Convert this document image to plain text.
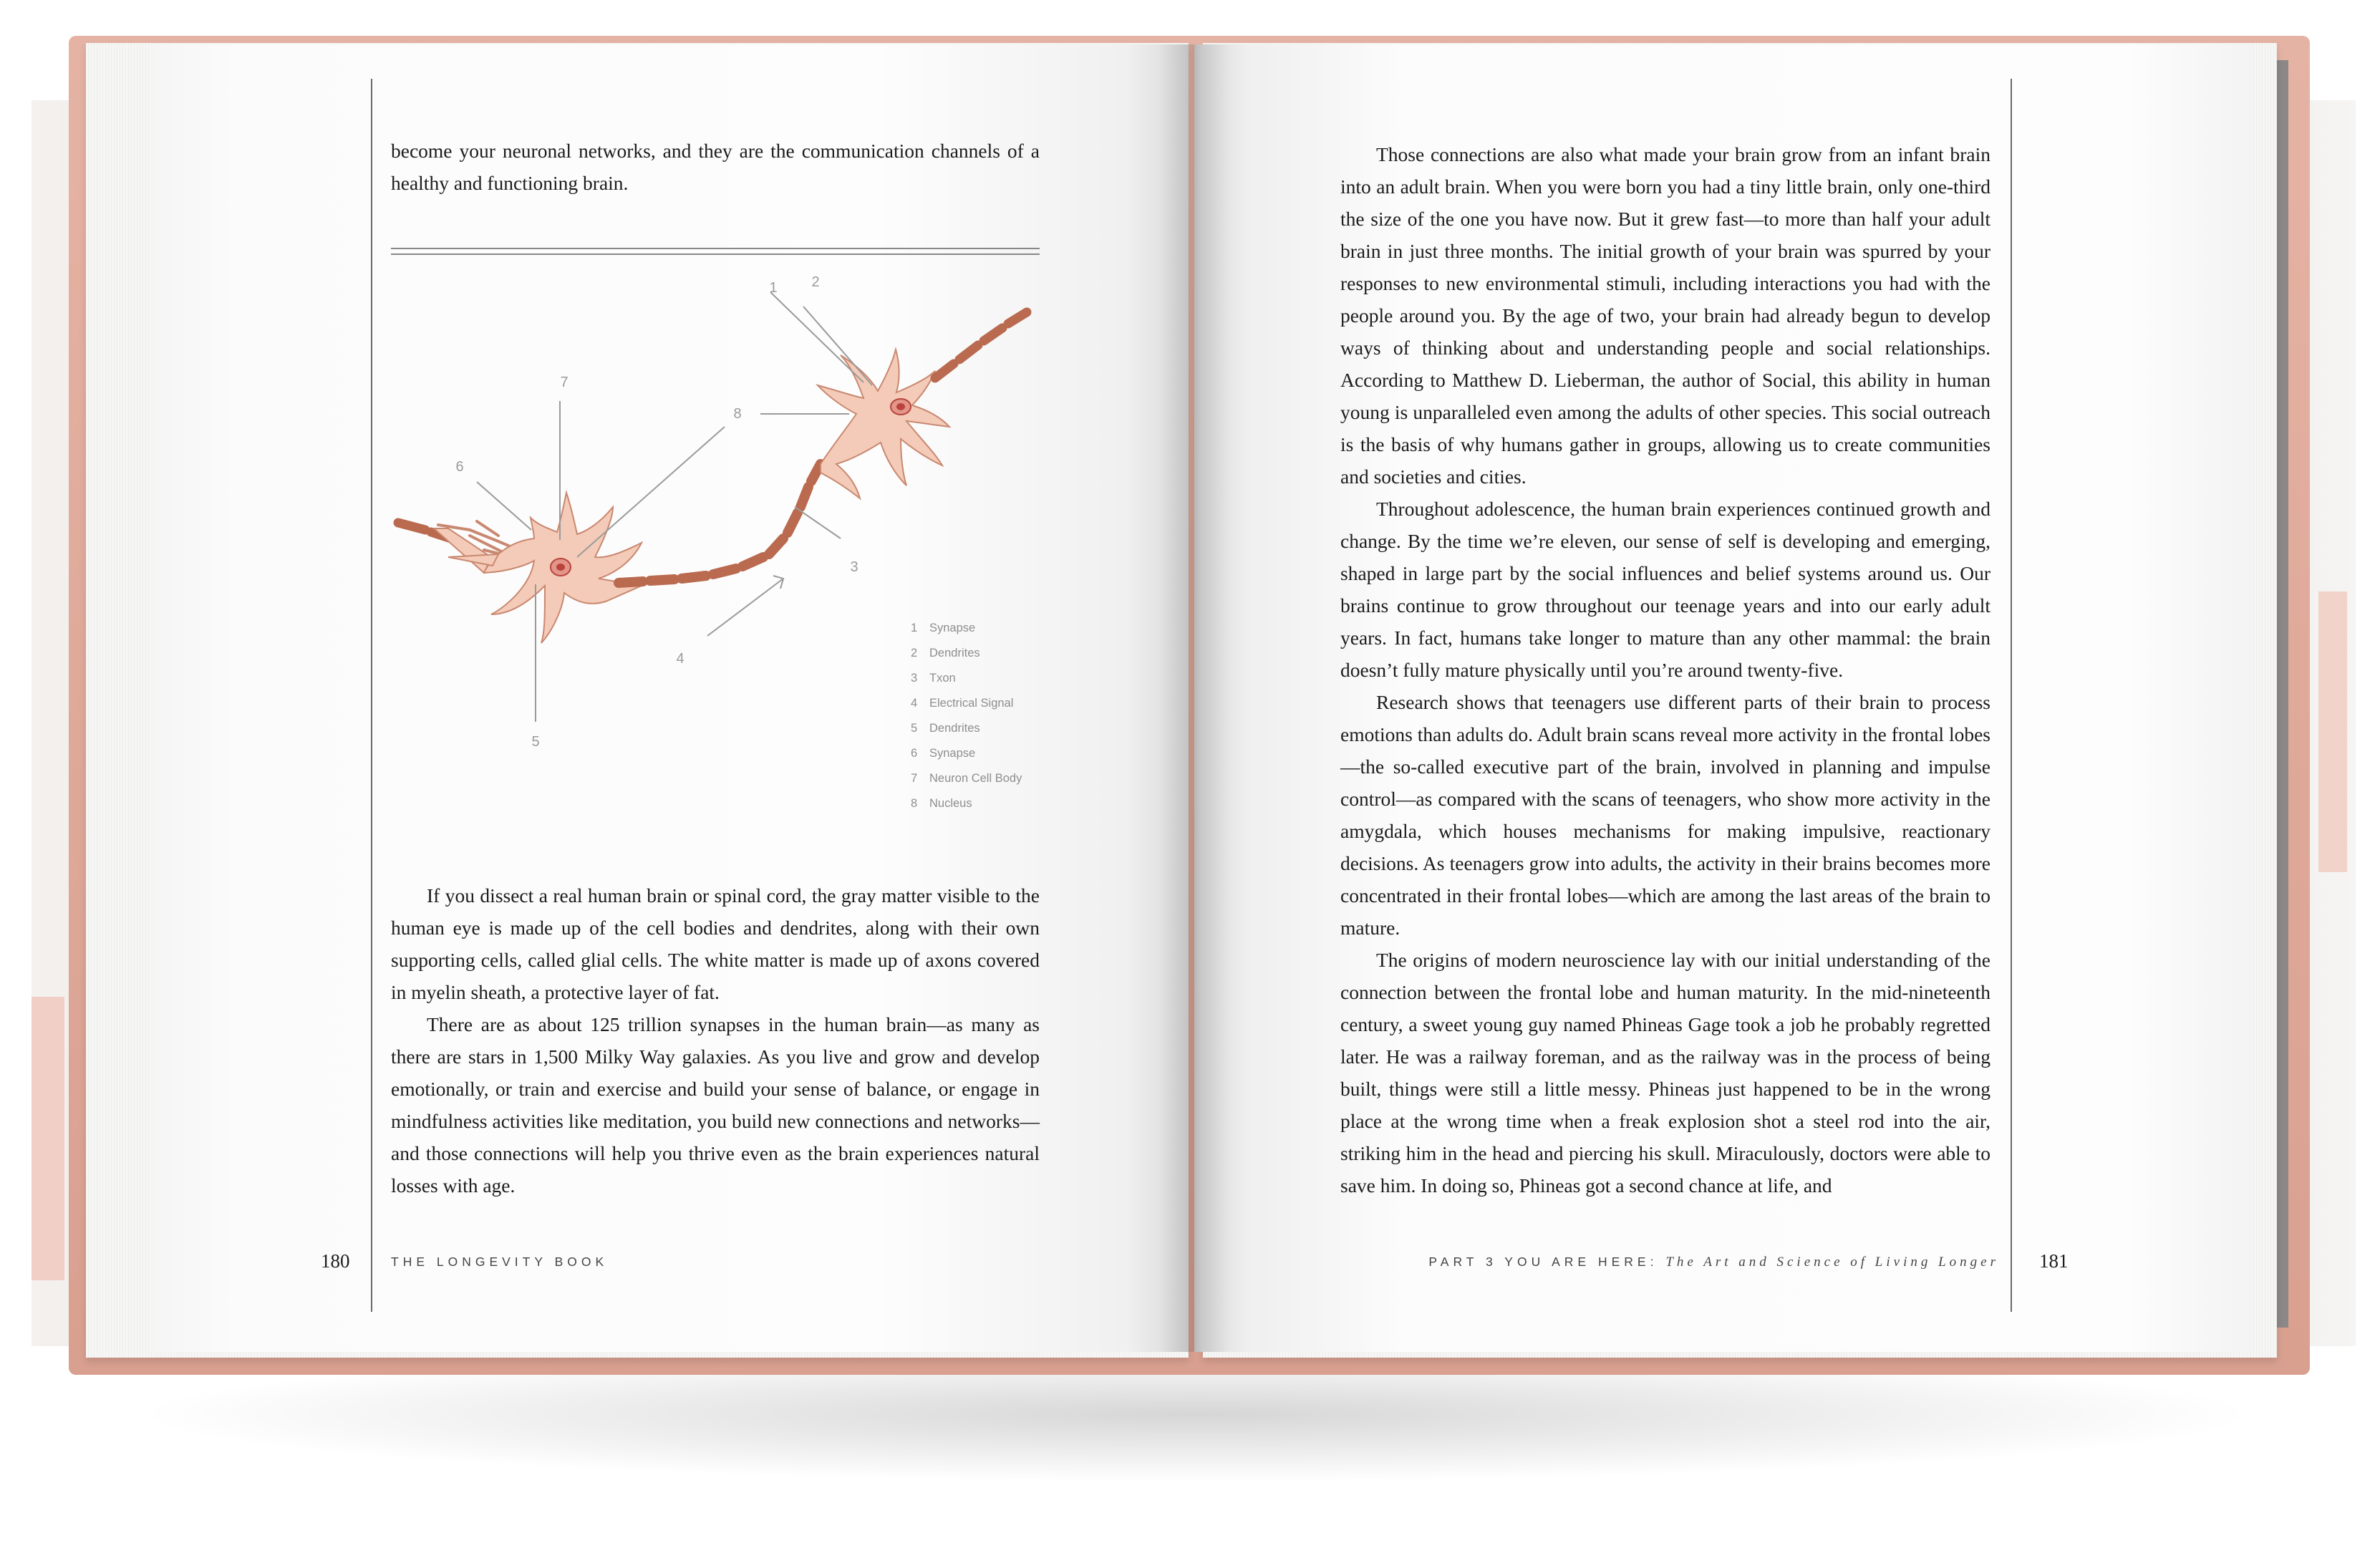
become your neuronal networks, and they are the communication channels of a healthy and functioning brain.

1 2
3
4
5
6
7
8
1	Synapse
2	Dendrites
3	Txon
4	Electrical Signal
5	Dendrites
6	Synapse
7	Neuron Cell Body
8	Nucleus

If you dissect a real human brain or spinal cord, the gray matter visible to the human eye is made up of the cell bodies and dendrites, along with their own supporting cells, called glial cells. The white matter is made up of axons covered in myelin sheath, a protective layer of fat.

There are as about 125 trillion synapses in the human brain—as many as there are stars in 1,500 Milky Way galaxies. As you live and grow and develop emotionally, or train and exercise and build your sense of balance, or engage in mindfulness activities like meditation, you build new connections and networks—and those connections will help you thrive even as the brain experiences natural losses with age.

180	THE LONGEVITY BOOK

Those connections are also what made your brain grow from an infant brain into an adult brain. When you were born you had a tiny little brain, only one-third the size of the one you have now. But it grew fast—to more than half your adult brain in just three months. The initial growth of your brain was spurred by your responses to new environmental stimuli, including interactions you had with the people around you. By the age of two, your brain had already begun to develop ways of thinking about and understanding people and social relationships. According to Matthew D. Lieberman, the author of Social, this ability in human young is unparalleled even among the adults of other species. This social outreach is the basis of why humans gather in groups, allowing us to create communities and societies and cities.

Throughout adolescence, the human brain experiences continued growth and change. By the time we’re eleven, our sense of self is developing and emerging, shaped in large part by the social influences and belief systems around us. Our brains continue to grow throughout our teenage years and into our early adult years. In fact, humans take longer to mature than any other mammal: the brain doesn’t fully mature physically until you’re around twenty-five.

Research shows that teenagers use different parts of their brain to process emotions than adults do. Adult brain scans reveal more activity in the frontal lobes—the so-called executive part of the brain, involved in planning and impulse control—as compared with the scans of teenagers, who show more activity in the amygdala, which houses mechanisms for making impulsive, reactionary decisions. As teenagers grow into adults, the activity in their brains becomes more concentrated in their frontal lobes—which are among the last areas of the brain to mature.

The origins of modern neuroscience lay with our initial understanding of the connection between the frontal lobe and human maturity. In the mid-nineteenth century, a sweet young guy named Phineas Gage took a job he probably regretted later. He was a railway foreman, and as the railway was in the process of being built, things were still a little messy. Phineas just happened to be in the wrong place at the wrong time when a freak explosion shot a steel rod into the air, striking him in the head and piercing his skull. Miraculously, doctors were able to save him. In doing so, Phineas got a second chance at life, and

PART 3 YOU ARE HERE: The Art and Science of Living Longer 181
